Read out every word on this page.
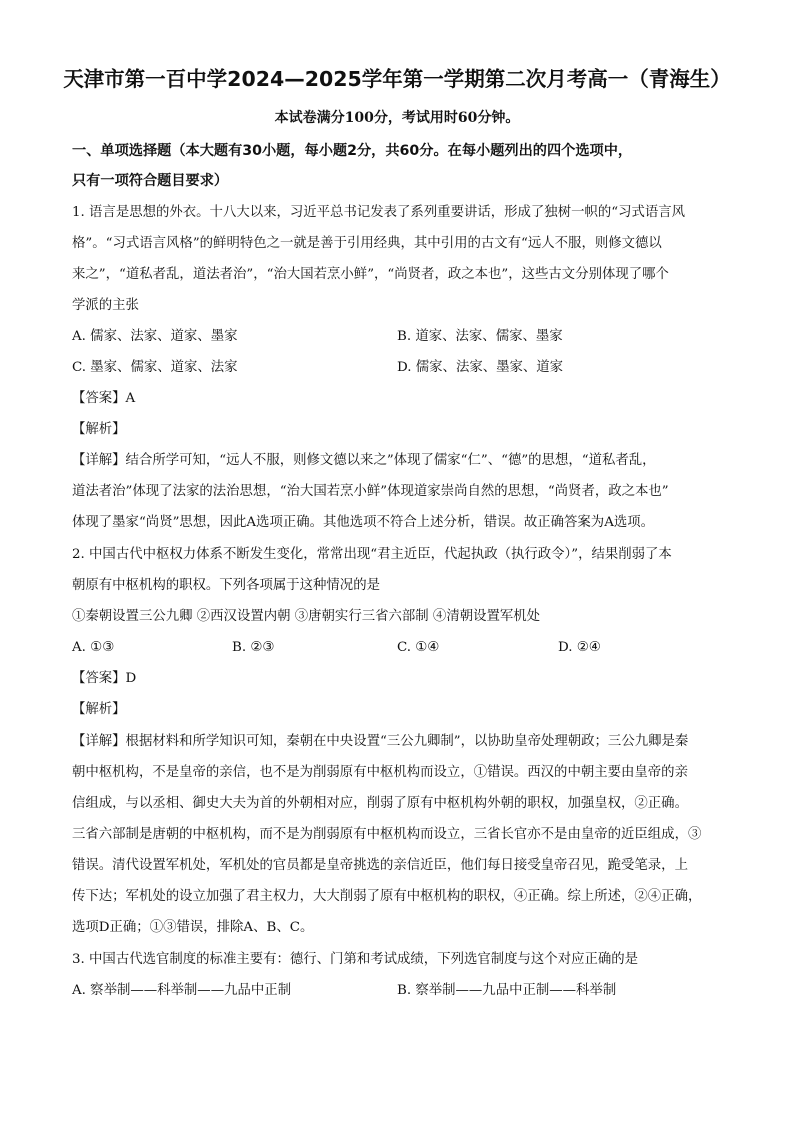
天津市第一百中学2024—2025学年第一学期第二次月考高一（青海生）
本试卷满分100分，考试用时60分钟。
一、单项选择题（本大题有30小题，每小题2分，共60分。在每小题列出的四个选项中，
只有一项符合题目要求）
1. 语言是思想的外衣。十八大以来，习近平总书记发表了系列重要讲话，形成了独树一帜的“习式语言风
格”。“习式语言风格”的鲜明特色之一就是善于引用经典，其中引用的古文有“远人不服，则修文德以
来之”，“道私者乱，道法者治”，“治大国若烹小鲜”，“尚贤者，政之本也”，这些古文分别体现了哪个
学派的主张
A. 儒家、法家、道家、墨家	B. 道家、法家、儒家、墨家
C. 墨家、儒家、道家、法家	D. 儒家、法家、墨家、道家
【答案】A
【解析】
【详解】结合所学可知，“远人不服，则修文德以来之”体现了儒家“仁”、“德”的思想，“道私者乱，
道法者治”体现了法家的法治思想，“治大国若烹小鲜”体现道家崇尚自然的思想，“尚贤者，政之本也”
体现了墨家“尚贤”思想，因此A选项正确。其他选项不符合上述分析，错误。故正确答案为A选项。
2. 中国古代中枢权力体系不断发生变化，常常出现“君主近臣，代起执政（执行政令）”，结果削弱了本
朝原有中枢机构的职权。下列各项属于这种情况的是
①秦朝设置三公九卿 ②西汉设置内朝 ③唐朝实行三省六部制 ④清朝设置军机处
A. ①③	B. ②③	C. ①④	D. ②④
【答案】D
【解析】
【详解】根据材料和所学知识可知，秦朝在中央设置“三公九卿制”，以协助皇帝处理朝政；三公九卿是秦
朝中枢机构，不是皇帝的亲信，也不是为削弱原有中枢机构而设立，①错误。西汉的中朝主要由皇帝的亲
信组成，与以丞相、御史大夫为首的外朝相对应，削弱了原有中枢机构外朝的职权，加强皇权，②正确。
三省六部制是唐朝的中枢机构，而不是为削弱原有中枢机构而设立，三省长官亦不是由皇帝的近臣组成，③
错误。清代设置军机处，军机处的官员都是皇帝挑选的亲信近臣，他们每日接受皇帝召见，跪受笔录，上
传下达；军机处的设立加强了君主权力，大大削弱了原有中枢机构的职权，④正确。综上所述，②④正确，
选项D正确；①③错误，排除A、B、C。
3. 中国古代选官制度的标准主要有：德行、门第和考试成绩，下列选官制度与这个对应正确的是
A. 察举制——科举制——九品中正制	B. 察举制——九品中正制——科举制
